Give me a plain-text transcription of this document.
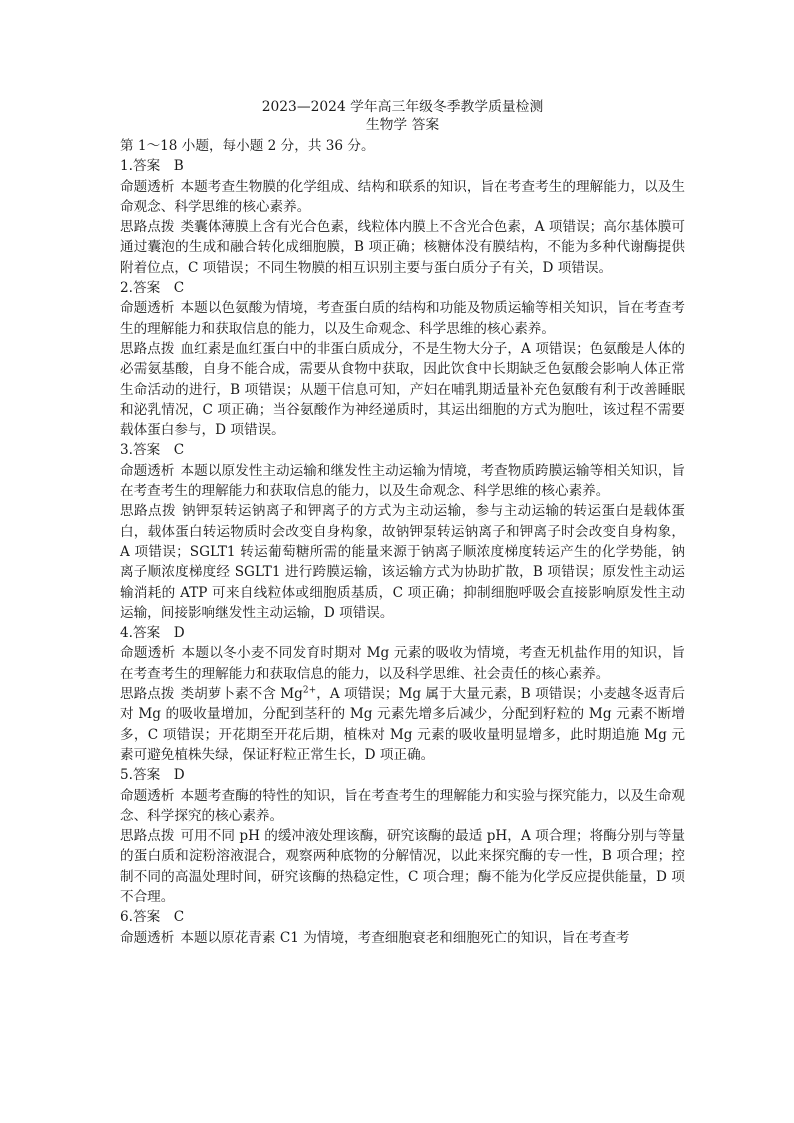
2023—2024 学年高三年级冬季教学质量检测

生物学 答案

第 1～18 小题，每小题 2 分，共 36 分。

1.答案　B

命题透析 本题考查生物膜的化学组成、结构和联系的知识，旨在考查考生的理解能力，以及生命观念、科学思维的核心素养。

思路点拨 类囊体薄膜上含有光合色素，线粒体内膜上不含光合色素，A 项错误；高尔基体膜可通过囊泡的生成和融合转化成细胞膜，B 项正确；核糖体没有膜结构，不能为多种代谢酶提供附着位点，C 项错误；不同生物膜的相互识别主要与蛋白质分子有关，D 项错误。

2.答案　C

命题透析 本题以色氨酸为情境，考查蛋白质的结构和功能及物质运输等相关知识，旨在考查考生的理解能力和获取信息的能力，以及生命观念、科学思维的核心素养。

思路点拨 血红素是血红蛋白中的非蛋白质成分，不是生物大分子，A 项错误；色氨酸是人体的必需氨基酸，自身不能合成，需要从食物中获取，因此饮食中长期缺乏色氨酸会影响人体正常生命活动的进行，B 项错误；从题干信息可知，产妇在哺乳期适量补充色氨酸有利于改善睡眠和泌乳情况，C 项正确；当谷氨酸作为神经递质时，其运出细胞的方式为胞吐，该过程不需要载体蛋白参与，D 项错误。

3.答案　C

命题透析 本题以原发性主动运输和继发性主动运输为情境，考查物质跨膜运输等相关知识，旨在考查考生的理解能力和获取信息的能力，以及生命观念、科学思维的核心素养。

思路点拨 钠钾泵转运钠离子和钾离子的方式为主动运输，参与主动运输的转运蛋白是载体蛋白，载体蛋白转运物质时会改变自身构象，故钠钾泵转运钠离子和钾离子时会改变自身构象，A 项错误；SGLT1 转运葡萄糖所需的能量来源于钠离子顺浓度梯度转运产生的化学势能，钠离子顺浓度梯度经 SGLT1 进行跨膜运输，该运输方式为协助扩散，B 项错误；原发性主动运输消耗的 ATP 可来自线粒体或细胞质基质，C 项正确；抑制细胞呼吸会直接影响原发性主动运输，间接影响继发性主动运输，D 项错误。

4.答案　D

命题透析 本题以冬小麦不同发育时期对 Mg 元素的吸收为情境，考查无机盐作用的知识，旨在考查考生的理解能力和获取信息的能力，以及科学思维、社会责任的核心素养。

思路点拨 类胡萝卜素不含 $Mg^{2+}$，A 项错误；Mg 属于大量元素，B 项错误；小麦越冬返青后对 Mg 的吸收量增加，分配到茎秆的 Mg 元素先增多后减少，分配到籽粒的 Mg 元素不断增多，C 项错误；开花期至开花后期，植株对 Mg 元素的吸收量明显增多，此时期追施 Mg 元素可避免植株失绿，保证籽粒正常生长，D 项正确。

5.答案　D

命题透析 本题考查酶的特性的知识，旨在考查考生的理解能力和实验与探究能力，以及生命观念、科学探究的核心素养。

思路点拨 可用不同 pH 的缓冲液处理该酶，研究该酶的最适 pH，A 项合理；将酶分别与等量的蛋白质和淀粉溶液混合，观察两种底物的分解情况，以此来探究酶的专一性，B 项合理；控制不同的高温处理时间，研究该酶的热稳定性，C 项合理；酶不能为化学反应提供能量，D 项不合理。

6.答案　C

命题透析 本题以原花青素 C1 为情境，考查细胞衰老和细胞死亡的知识，旨在考查考
